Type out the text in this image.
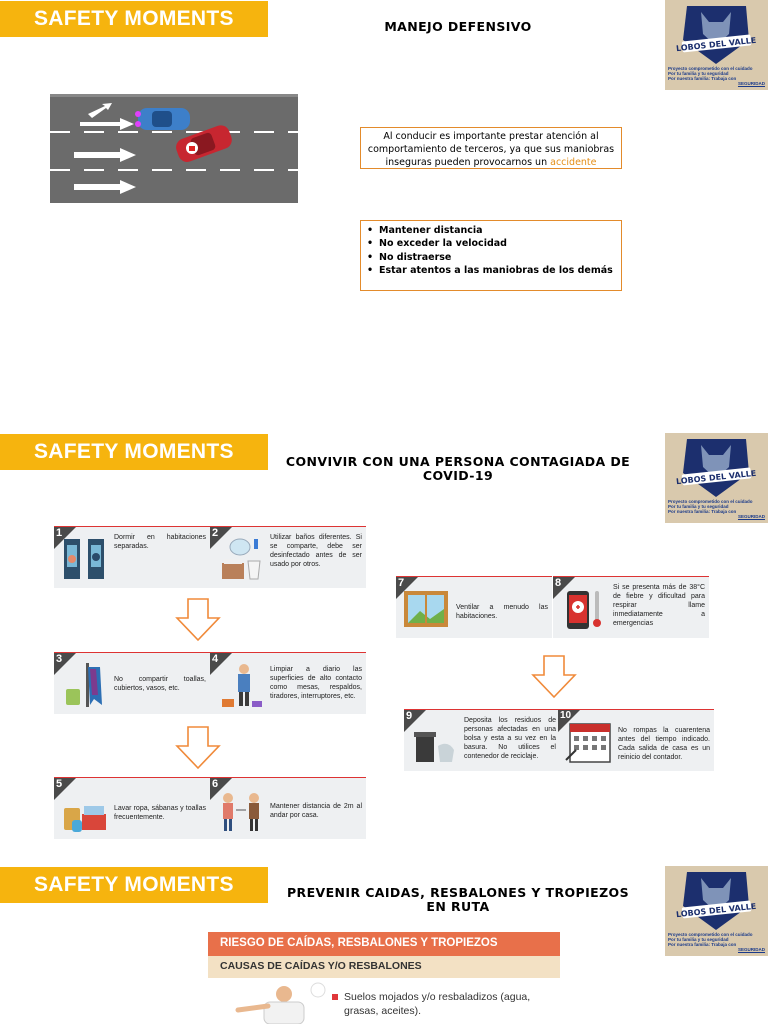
SAFETY MOMENTS	MANEJO DEFENSIVO
LOBOS DEL VALLE
Proyecto comprometido con el cuidado
Por tu familia y tu seguridad
Por nuestra familia: Trabaja con
SEGURIDAD
Al conducir es importante prestar atención al comportamiento de terceros, ya que sus maniobras inseguras pueden provocarnos un accidente
• Mantener distancia
• No exceder la velocidad
• No distraerse
• Estar atentos a las maniobras de los demás
SAFETY MOMENTS	CONVIVIR CON UNA PERSONA CONTAGIADA DE
COVID-19	LOBOS DEL VALLE
Proyecto comprometido con el cuidado
Por tu familia y tu seguridad
Por nuestra familia: Trabaja con
SEGURIDAD
1	Dormir en habitaciones separadas.
2	Utilizar baños diferentes. Si se comparte, debe ser desinfectado antes de ser usado por otros.
3
No compartir toallas, cubiertos, vasos, etc.
4
Limpiar a diario las superficies de alto contacto como mesas, respaldos, tiradores, interruptores, etc.
5
Lavar ropa, sábanas y toallas frecuentemente.
6
Mantener distancia de 2m al andar por casa.
7
Ventilar a menudo las habitaciones.
8	Si se presenta más de 38°C de fiebre y dificultad para respirar llame inmediatamente a emergencias
9	Deposita los residuos de personas afectadas en una bolsa y esta a su vez en la basura. No utilices el contenedor de reciclaje.
10
No rompas la cuarentena antes del tiempo indicado. Cada salida de casa es un reinicio del contador.
SAFETY MOMENTS	PREVENIR CAIDAS, RESBALONES Y TROPIEZOS
EN RUTA	LOBOS DEL VALLE
Proyecto comprometido con el cuidado
Por tu familia y tu seguridad
Por nuestra familia: Trabaja con
SEGURIDAD
RIESGO DE CAÍDAS, RESBALONES Y TROPIEZOS
CAUSAS DE CAÍDAS Y/O RESBALONES
Suelos mojados y/o resbaladizos (agua, grasas, aceites).
